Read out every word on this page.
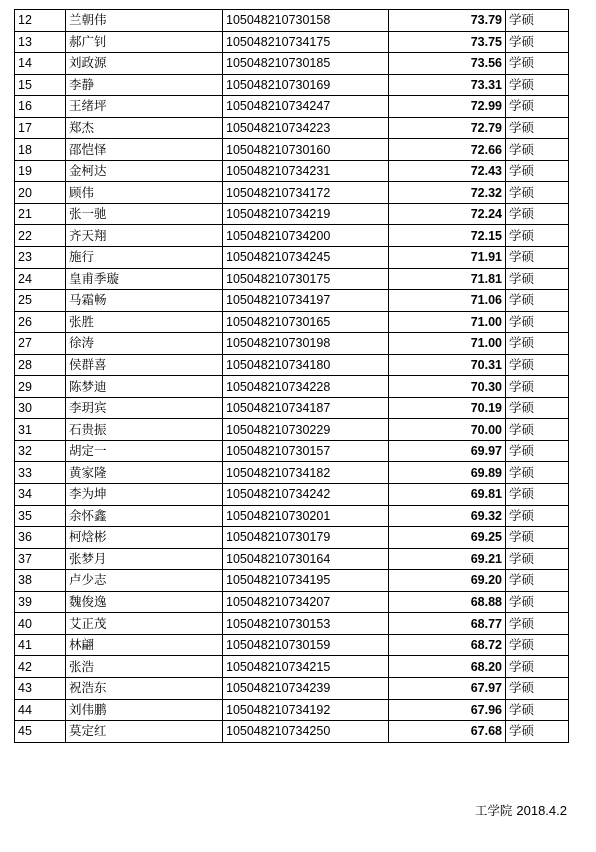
12	兰朝伟	105048210730158	73.79	学硕
13	郝广钊	105048210734175	73.75	学硕
14	刘政源	105048210730185	73.56	学硕
15	李静	105048210730169	73.31	学硕
16	王绪坪	105048210734247	72.99	学硕
17	郑杰	105048210734223	72.79	学硕
18	邵恺怿	105048210730160	72.66	学硕
19	金柯达	105048210734231	72.43	学硕
20	顾伟	105048210734172	72.32	学硕
21	张一驰	105048210734219	72.24	学硕
22	齐天翔	105048210734200	72.15	学硕
23	施行	105048210734245	71.91	学硕
24	皇甫季璇	105048210730175	71.81	学硕
25	马霜畅	105048210734197	71.06	学硕
26	张胜	105048210730165	71.00	学硕
27	徐涛	105048210730198	71.00	学硕
28	侯群喜	105048210734180	70.31	学硕
29	陈梦迪	105048210734228	70.30	学硕
30	李玥宾	105048210734187	70.19	学硕
31	石贵振	105048210730229	70.00	学硕
32	胡定一	105048210730157	69.97	学硕
33	黄家隆	105048210734182	69.89	学硕
34	李为坤	105048210734242	69.81	学硕
35	余怀鑫	105048210730201	69.32	学硕
36	柯焓彬	105048210730179	69.25	学硕
37	张梦月	105048210730164	69.21	学硕
38	卢少志	105048210734195	69.20	学硕
39	魏俊逸	105048210734207	68.88	学硕
40	艾正茂	105048210730153	68.77	学硕
41	林翩	105048210730159	68.72	学硕
42	张浩	105048210734215	68.20	学硕
43	祝浩东	105048210734239	67.97	学硕
44	刘伟鹏	105048210734192	67.96	学硕
45	莫定红	105048210734250	67.68	学硕
工学院 2018.4.2
